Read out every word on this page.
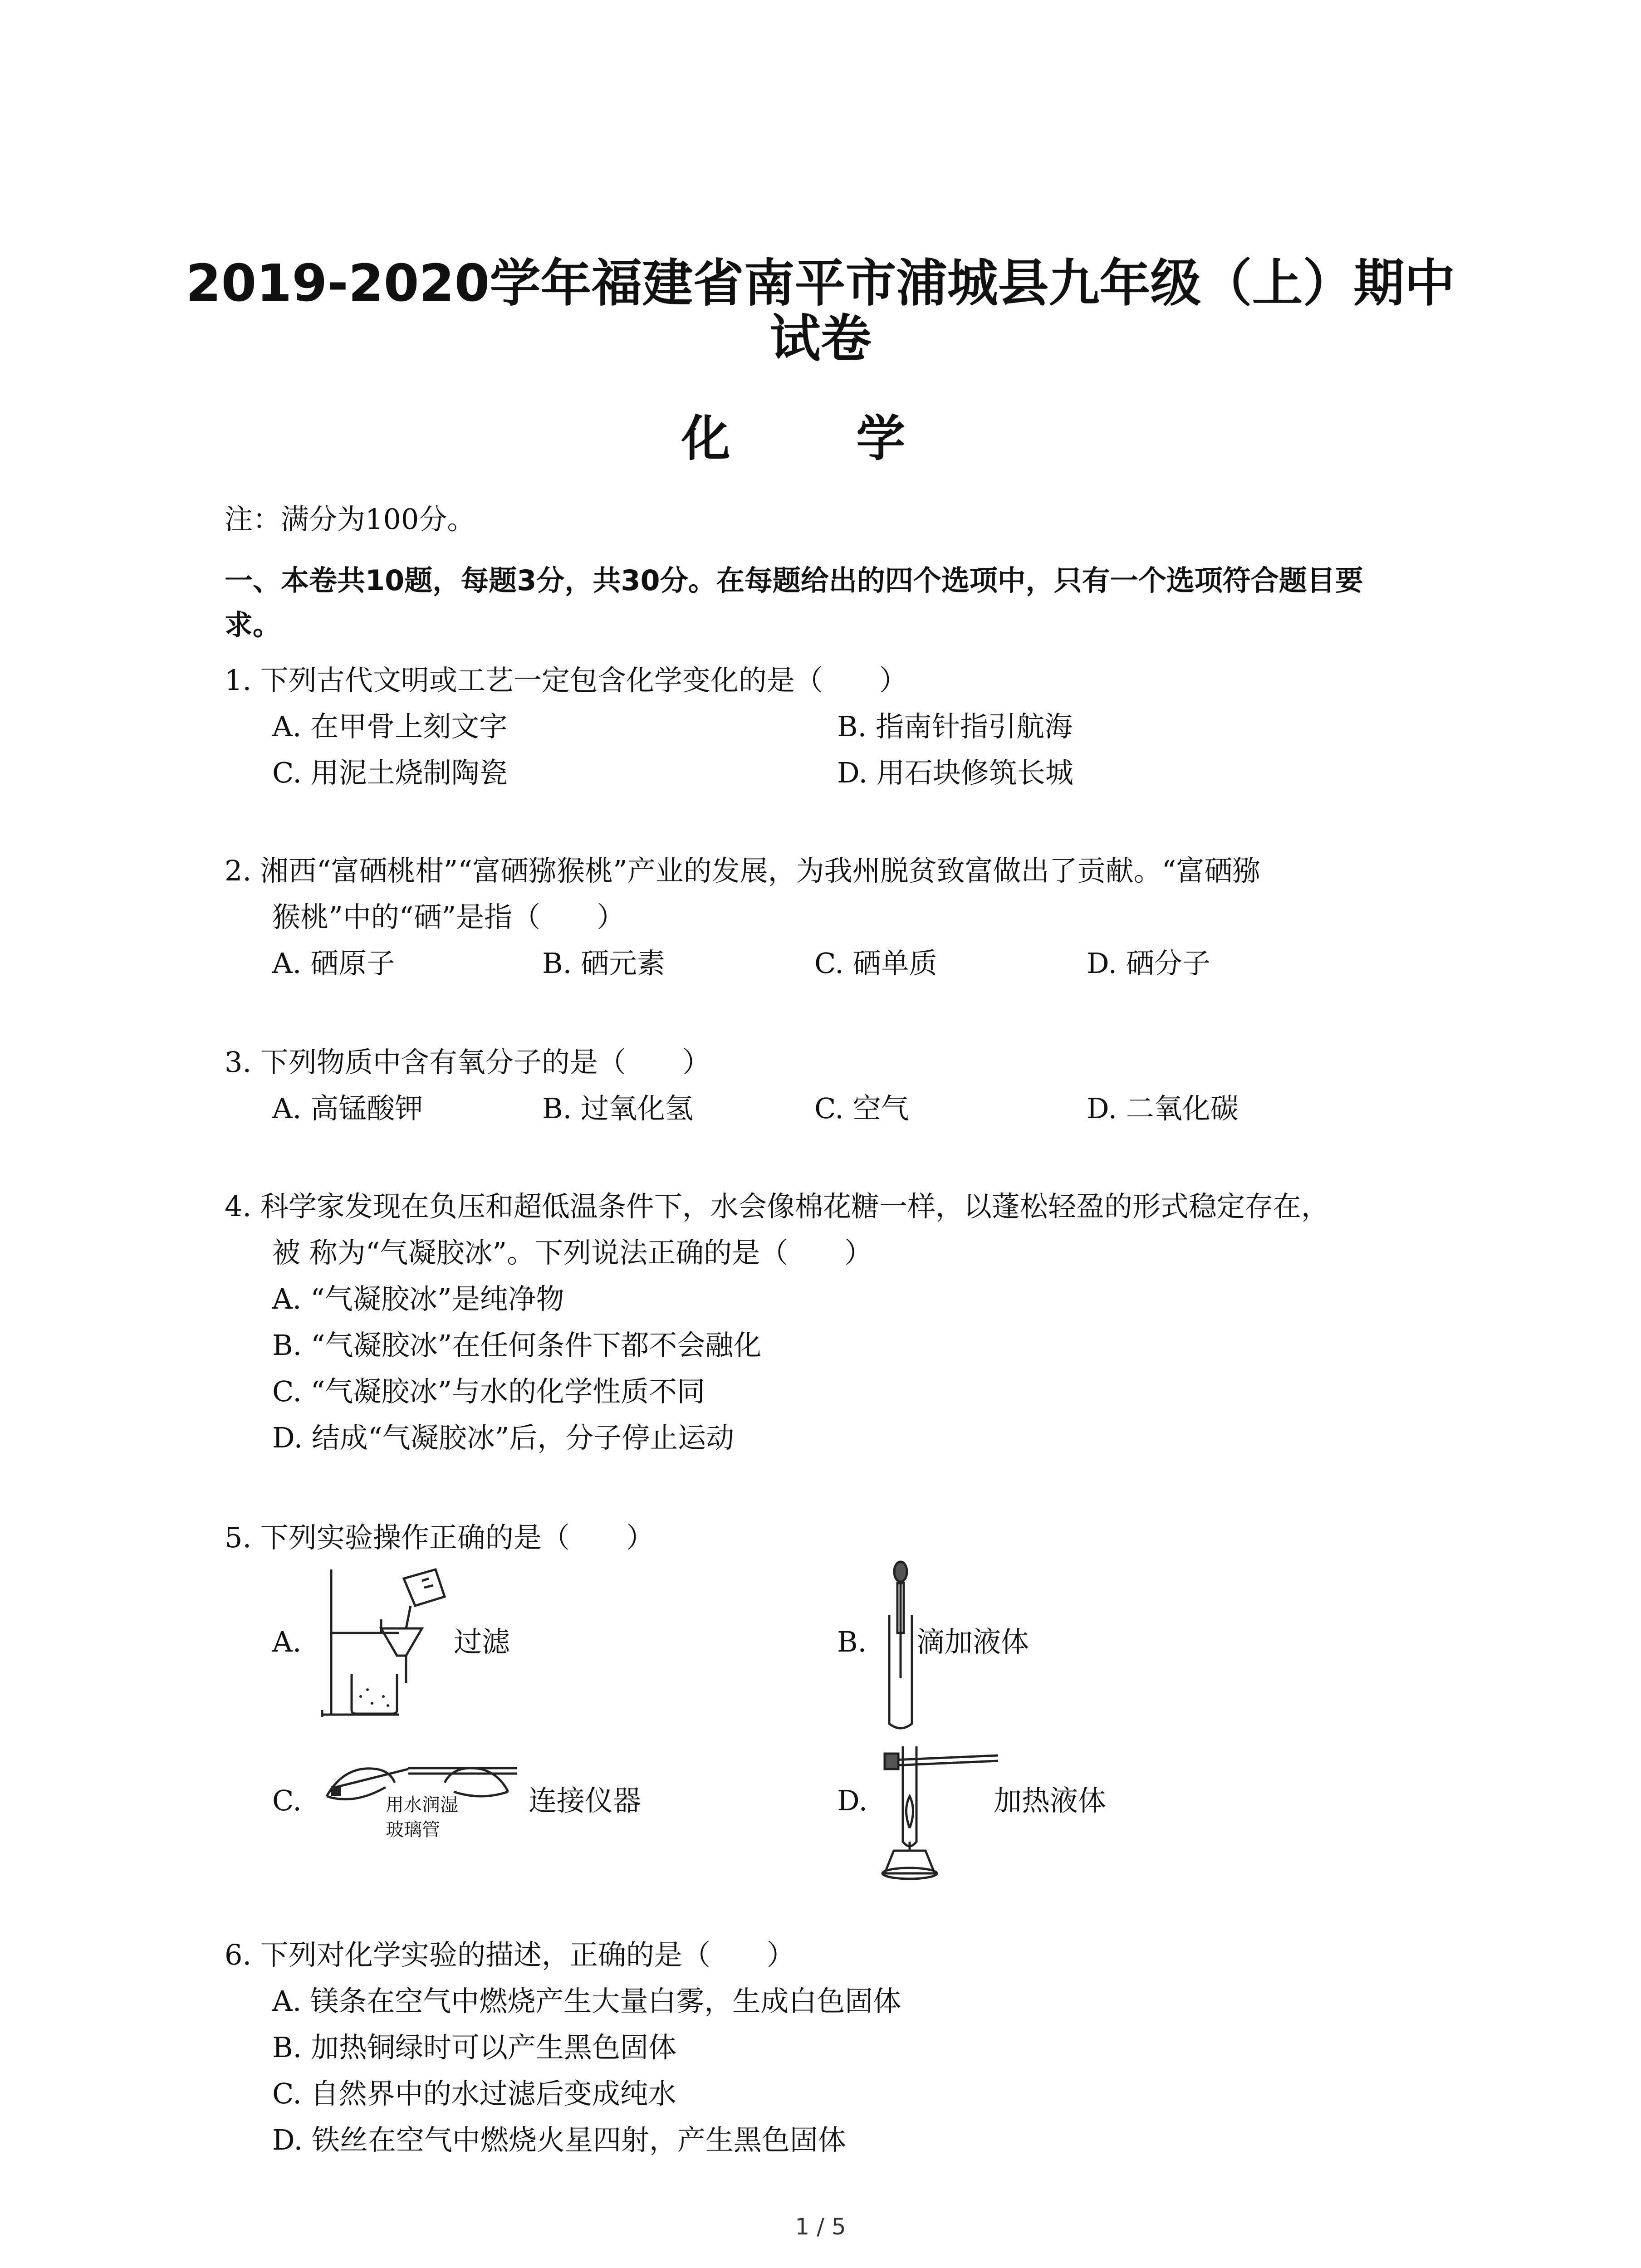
2019-2020学年福建省南平市浦城县九年级（上）期中
试卷
化 学
注：满分为100分。
一、本卷共10题，每题3分，共30分。在每题给出的四个选项中，只有一个选项符合题目要
求。
1. 下列古代文明或工艺一定包含化学变化的是（　　）
A. 在甲骨上刻文字	B. 指南针指引航海
C. 用泥土烧制陶瓷	D. 用石块修筑长城
2. 湘西“富硒桃柑”“富硒猕猴桃”产业的发展，为我州脱贫致富做出了贡献。“富硒猕
猴桃”中的“硒”是指（　　）
A. 硒原子	B. 硒元素	C. 硒单质	D. 硒分子
3. 下列物质中含有氧分子的是（　　）
A. 高锰酸钾	B. 过氧化氢	C. 空气	D. 二氧化碳
4. 科学家发现在负压和超低温条件下，水会像棉花糖一样，以蓬松轻盈的形式稳定存在，
被 称为“气凝胶冰”。下列说法正确的是（　　）
A. “气凝胶冰”是纯净物
B. “气凝胶冰”在任何条件下都不会融化
C. “气凝胶冰”与水的化学性质不同
D. 结成“气凝胶冰”后，分子停止运动
5. 下列实验操作正确的是（　　）
A.	过滤	B. 滴加液体
C.	用水润湿
玻璃管
连接仪器	D.	加热液体
6. 下列对化学实验的描述，正确的是（　　）
A. 镁条在空气中燃烧产生大量白雾，生成白色固体
B. 加热铜绿时可以产生黑色固体
C. 自然界中的水过滤后变成纯水
D. 铁丝在空气中燃烧火星四射，产生黑色固体
1 / 5
